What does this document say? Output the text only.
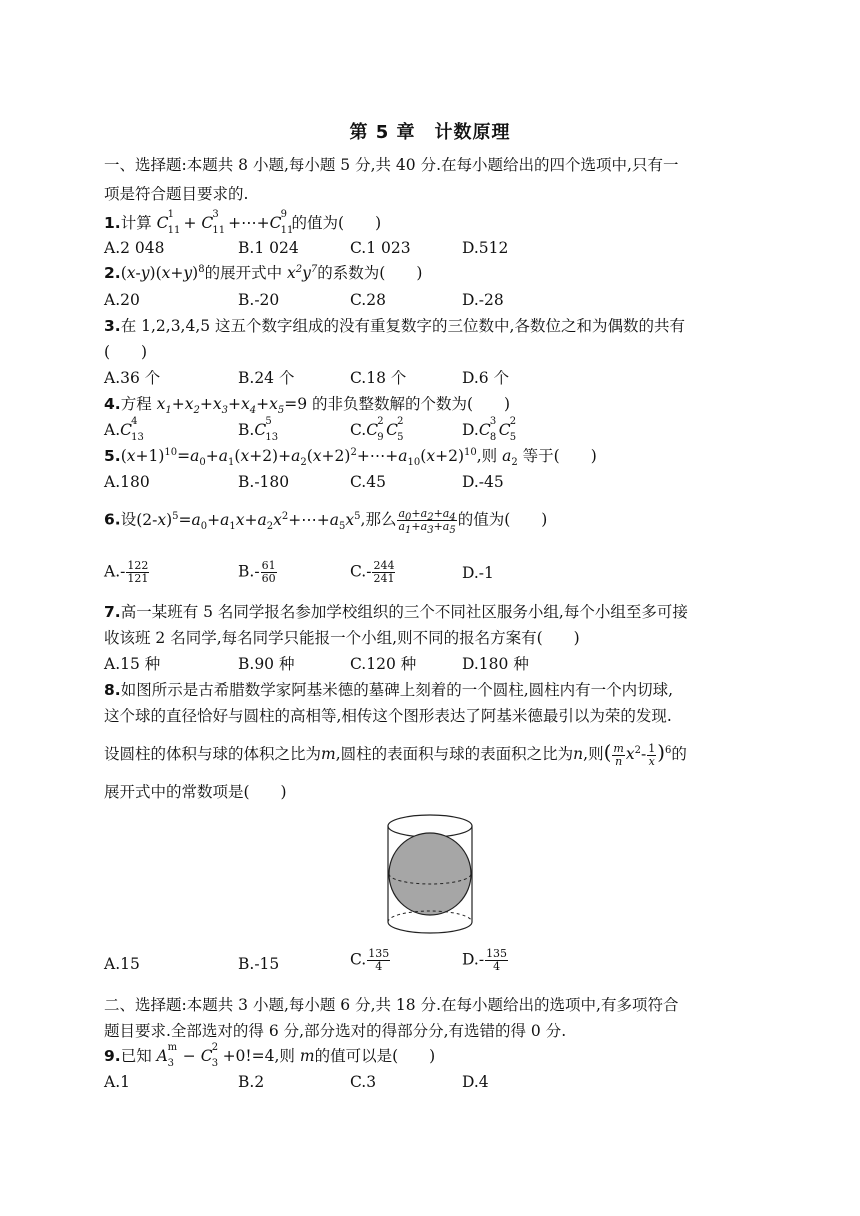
第 5 章　计数原理
一、选择题:本题共 8 小题,每小题 5 分,共 40 分.在每小题给出的四个选项中,只有一
项是符合题目要求的.
1.计算 C 1
11
+ C 3
11
+⋯+C 9
11
的值为(　　)
A.2 048	B.1 024	C.1 023	D.512
$2.(x-y)(x+y)^8$的展开式中 $x^2y^7$的系数为(　　)
A.20	B.-20	C.28	D.-28
3.在 1,2,3,4,5 这五个数字组成的没有重复数字的三位数中,各数位之和为偶数的共有
(　　)
A.36 个	B.24 个	C.18 个	D.6 个
4.方程 $x_1+x_2+x_3+x_4+x_5=9$ 的非负整数解的个数为(　　)
A.C 4
13	B.C 5
13	C.C 2
9 C 2
5	D.C 3
8 C 2
5
$5.(x+1)^{10}=a_0+a_1(x+2)+a_2(x+2)^2+\cdots+a_{10}(x+2)^{10}$,则 $a_2$ 等于(　　)
A.180	B.-180	C.45	D.-45
6.设$(2-x)^5=a_0+a_1x+a_2x^2+\cdots+a_5x^5$,那么 $\frac{a_0+a_2+a_4}{a_1+a_3+a_5}$ 的值为(　　)
$A.- \frac{122}{121}$	$B.- \frac{61}{60}$	$C.- \frac{244}{241}$	D.-1
7.高一某班有 5 名同学报名参加学校组织的三个不同社区服务小组,每个小组至多可接
收该班 2 名同学,每名同学只能报一个小组,则不同的报名方案有(　　)
A.15 种	B.90 种	C.120 种	D.180 种
8.如图所示是古希腊数学家阿基米德的墓碑上刻着的一个圆柱,圆柱内有一个内切球,
这个球的直径恰好与圆柱的高相等,相传这个图形表达了阿基米德最引以为荣的发现.
设圆柱的体积与球的体积之比为m,圆柱的表面积与球的表面积之比为n,则( $\frac{m}{n} x^2- \frac{1}{x} )^6$的
展开式中的常数项是(　　)
A.15	B.-15	C. $\frac{135}{4}$	$D.- \frac{135}{4}$
二、选择题:本题共 3 小题,每小题 6 分,共 18 分.在每小题给出的选项中,有多项符合
题目要求.全部选对的得 6 分,部分选对的得部分分,有选错的得 0 分.
9.已知 A m
3 − C 2
3 +0!=4,则 m的值可以是(　　)
A.1	B.2	C.3	D.4
